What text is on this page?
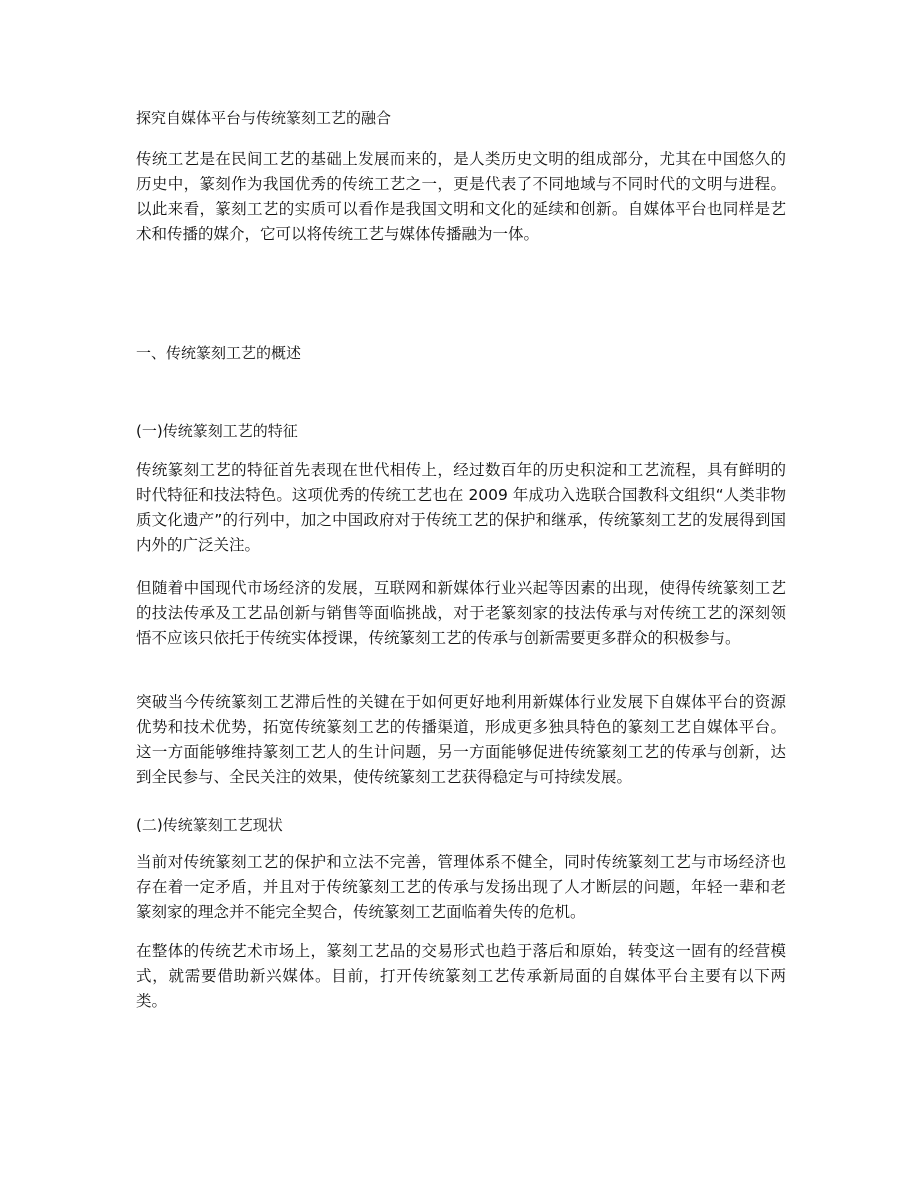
探究自媒体平台与传统篆刻工艺的融合

传统工艺是在民间工艺的基础上发展而来的，是人类历史文明的组成部分，尤其在中国悠久的历史中，篆刻作为我国优秀的传统工艺之一，更是代表了不同地域与不同时代的文明与进程。以此来看，篆刻工艺的实质可以看作是我国文明和文化的延续和创新。自媒体平台也同样是艺术和传播的媒介，它可以将传统工艺与媒体传播融为一体。

一、传统篆刻工艺的概述

(一)传统篆刻工艺的特征

传统篆刻工艺的特征首先表现在世代相传上，经过数百年的历史积淀和工艺流程，具有鲜明的时代特征和技法特色。这项优秀的传统工艺也在 2009 年成功入选联合国教科文组织“人类非物质文化遗产”的行列中，加之中国政府对于传统工艺的保护和继承，传统篆刻工艺的发展得到国内外的广泛关注。

但随着中国现代市场经济的发展，互联网和新媒体行业兴起等因素的出现，使得传统篆刻工艺的技法传承及工艺品创新与销售等面临挑战，对于老篆刻家的技法传承与对传统工艺的深刻领悟不应该只依托于传统实体授课，传统篆刻工艺的传承与创新需要更多群众的积极参与。

突破当今传统篆刻工艺滞后性的关键在于如何更好地利用新媒体行业发展下自媒体平台的资源优势和技术优势，拓宽传统篆刻工艺的传播渠道，形成更多独具特色的篆刻工艺自媒体平台。这一方面能够维持篆刻工艺人的生计问题，另一方面能够促进传统篆刻工艺的传承与创新，达到全民参与、全民关注的效果，使传统篆刻工艺获得稳定与可持续发展。

(二)传统篆刻工艺现状

当前对传统篆刻工艺的保护和立法不完善，管理体系不健全，同时传统篆刻工艺与市场经济也存在着一定矛盾，并且对于传统篆刻工艺的传承与发扬出现了人才断层的问题，年轻一辈和老篆刻家的理念并不能完全契合，传统篆刻工艺面临着失传的危机。

在整体的传统艺术市场上，篆刻工艺品的交易形式也趋于落后和原始，转变这一固有的经营模式，就需要借助新兴媒体。目前，打开传统篆刻工艺传承新局面的自媒体平台主要有以下两类。
